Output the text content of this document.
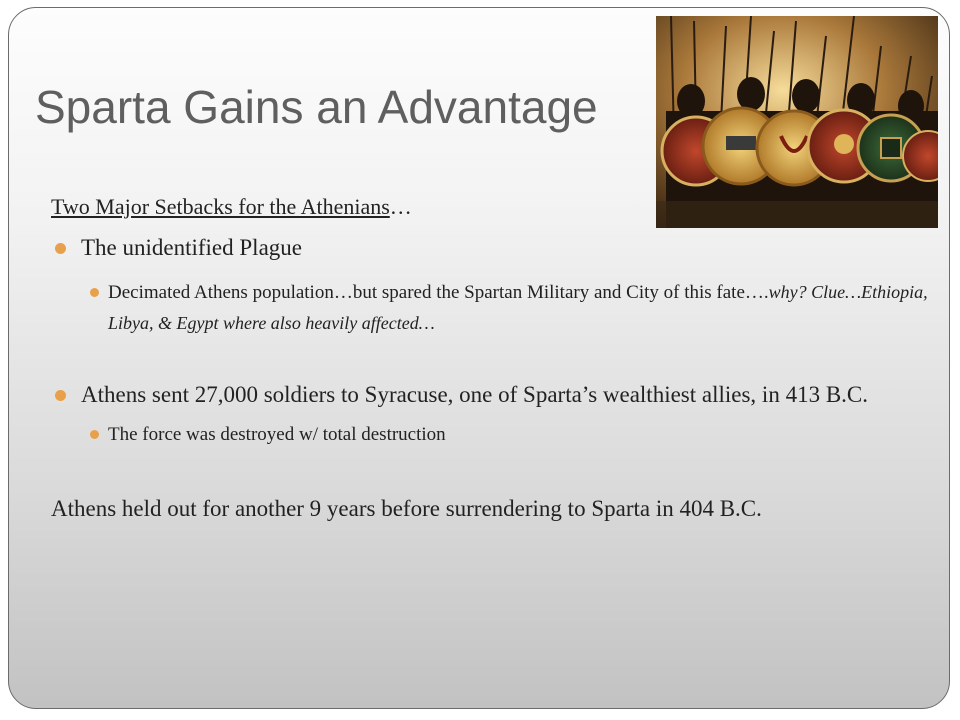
Sparta Gains an Advantage

Two Major Setbacks for the Athenians…

The unidentified Plague
Decimated Athens population…but spared the Spartan Military and City of this fate….why? Clue…Ethiopia, Libya, & Egypt where also heavily affected…
Athens sent 27,000 soldiers to Syracuse, one of Sparta’s wealthiest allies, in 413 B.C.
The force was destroyed w/ total destruction

Athens held out for another 9 years before surrendering to Sparta in 404 B.C.
